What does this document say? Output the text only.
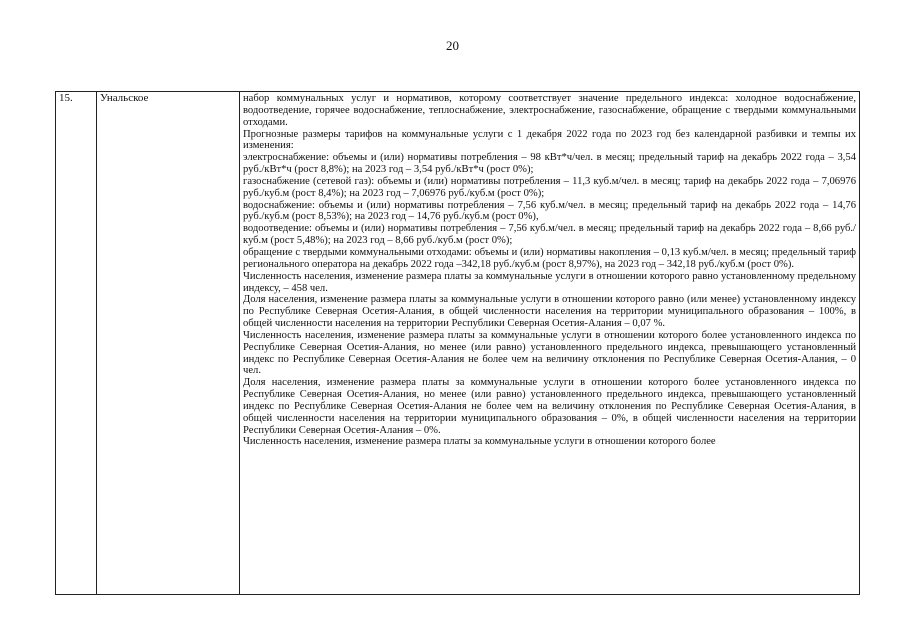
20
15.	Унальское	набор коммунальных услуг и нормативов, которому соответствует значение предельного индекса: холодное водоснабжение, водоотведение, горячее водоснабжение, теплоснабжение, электроснабжение, газоснабжение, обращение с твердыми коммунальными отходами.

Прогнозные размеры тарифов на коммунальные услуги с 1 декабря 2022 года по 2023 год без календарной разбивки и темпы их изменения:

электроснабжение: объемы и (или) нормативы потребления – 98 кВт*ч/чел. в месяц; предельный тариф на декабрь 2022 года – 3,54 руб./кВт*ч (рост 8,8%); на 2023 год – 3,54 руб./кВт*ч (рост 0%);

газоснабжение (сетевой газ): объемы и (или) нормативы потребления – 11,3 куб.м/чел. в месяц; тариф на декабрь 2022 года – 7,06976 руб./куб.м (рост 8,4%); на 2023 год – 7,06976 руб./куб.м (рост 0%);

водоснабжение: объемы и (или) нормативы потребления – 7,56 куб.м/чел. в месяц; предельный тариф на декабрь 2022 года – 14,76 руб./куб.м (рост 8,53%); на 2023 год – 14,76 руб./куб.м (рост 0%),

водоотведение: объемы и (или) нормативы потребления – 7,56 куб.м/чел. в месяц; предельный тариф на декабрь 2022 года – 8,66 руб./куб.м (рост 5,48%); на 2023 год – 8,66 руб./куб.м (рост 0%);

обращение с твердыми коммунальными отходами: объемы и (или) нормативы накопления – 0,13 куб.м/чел. в месяц; предельный тариф регионального оператора на декабрь 2022 года –342,18 руб./куб.м (рост 8,97%), на 2023 год – 342,18 руб./куб.м (рост 0%).

Численность населения, изменение размера платы за коммунальные услуги в отношении которого равно установленному предельному индексу, – 458 чел.

Доля населения, изменение размера платы за коммунальные услуги в отношении которого равно (или менее) установленному индексу по Республике Северная Осетия-Алания, в общей численности населения на территории муниципального образования – 100%, в общей численности населения на территории Республики Северная Осетия-Алания – 0,07 %.

Численность населения, изменение размера платы за коммунальные услуги в отношении которого более установленного индекса по Республике Северная Осетия-Алания, но менее (или равно) установленного предельного индекса, превышающего установленный индекс по Республике Северная Осетия-Алания не более чем на величину отклонения по Республике Северная Осетия-Алания, – 0 чел.

Доля населения, изменение размера платы за коммунальные услуги в отношении которого более установленного индекса по Республике Северная Осетия-Алания, но менее (или равно) установленного предельного индекса, превышающего установленный индекс по Республике Северная Осетия-Алания не более чем на величину отклонения по Республике Северная Осетия-Алания, в общей численности населения на территории муниципального образования – 0%, в общей численности населения на территории Республики Северная Осетия-Алания – 0%.

Численность населения, изменение размера платы за коммунальные услуги в отношении которого более
